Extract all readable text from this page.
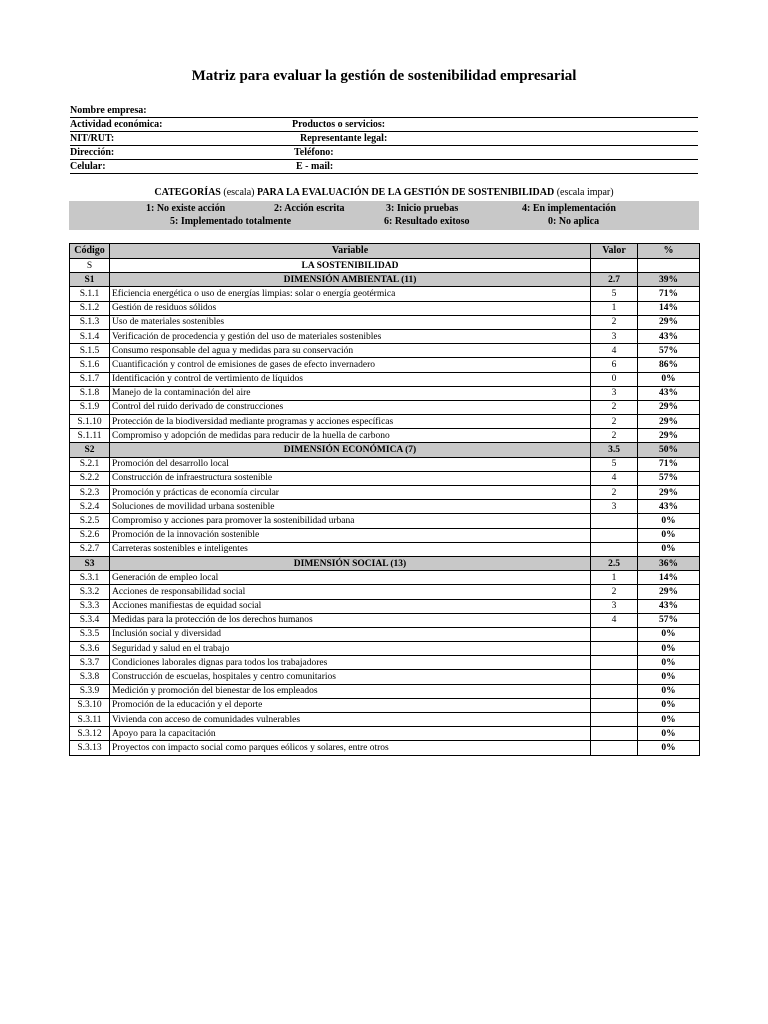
Matriz para evaluar la gestión de sostenibilidad empresarial
Nombre empresa:
Actividad económica:	Productos o servicios:
NIT/RUT:	Representante legal:
Dirección:	Teléfono:
Celular:	E - mail:
CATEGORÍAS (escala) PARA LA EVALUACIÓN DE LA GESTIÓN DE SOSTENIBILIDAD (escala impar)
1: No existe acción	2: Acción escrita	3: Inicio pruebas	4: En implementación
5: Implementado totalmente	6: Resultado exitoso	0: No aplica
Código	Variable	Valor	%
S	LA SOSTENIBILIDAD		
S1	DIMENSIÓN AMBIENTAL (11)	2.7	39%
S.1.1	Eficiencia energética o uso de energías limpias: solar o energía geotérmica	5	71%
S.1.2	Gestión de residuos sólidos	1	14%
S.1.3	Uso de materiales sostenibles	2	29%
S.1.4	Verificación de procedencia y gestión del uso de materiales sostenibles	3	43%
S.1.5	Consumo responsable del agua y medidas para su conservación	4	57%
S.1.6	Cuantificación y control de emisiones de gases de efecto invernadero	6	86%
S.1.7	Identificación y control de vertimiento de líquidos	0	0%
S.1.8	Manejo de la contaminación del aire	3	43%
S.1.9	Control del ruido derivado de construcciones	2	29%
S.1.10	Protección de la biodiversidad mediante programas y acciones específicas	2	29%
S.1.11	Compromiso y adopción de medidas para reducir de la huella de carbono	2	29%
S2	DIMENSIÓN ECONÓMICA (7)	3.5	50%
S.2.1	Promoción del desarrollo local	5	71%
S.2.2	Construcción de infraestructura sostenible	4	57%
S.2.3	Promoción y prácticas de economía circular	2	29%
S.2.4	Soluciones de movilidad urbana sostenible	3	43%
S.2.5	Compromiso y acciones para promover la sostenibilidad urbana		0%
S.2.6	Promoción de la innovación sostenible		0%
S.2.7	Carreteras sostenibles e inteligentes		0%
S3	DIMENSIÓN SOCIAL (13)	2.5	36%
S.3.1	Generación de empleo local	1	14%
S.3.2	Acciones de responsabilidad social	2	29%
S.3.3	Acciones manifiestas de equidad social	3	43%
S.3.4	Medidas para la protección de los derechos humanos	4	57%
S.3.5	Inclusión social y diversidad		0%
S.3.6	Seguridad y salud en el trabajo		0%
S.3.7	Condiciones laborales dignas para todos los trabajadores		0%
S.3.8	Construcción de escuelas, hospitales y centro comunitarios		0%
S.3.9	Medición y promoción del bienestar de los empleados		0%
S.3.10	Promoción de la educación y el deporte		0%
S.3.11	Vivienda con acceso de comunidades vulnerables		0%
S.3.12	Apoyo para la capacitación		0%
S.3.13	Proyectos con impacto social como parques eólicos y solares, entre otros		0%
